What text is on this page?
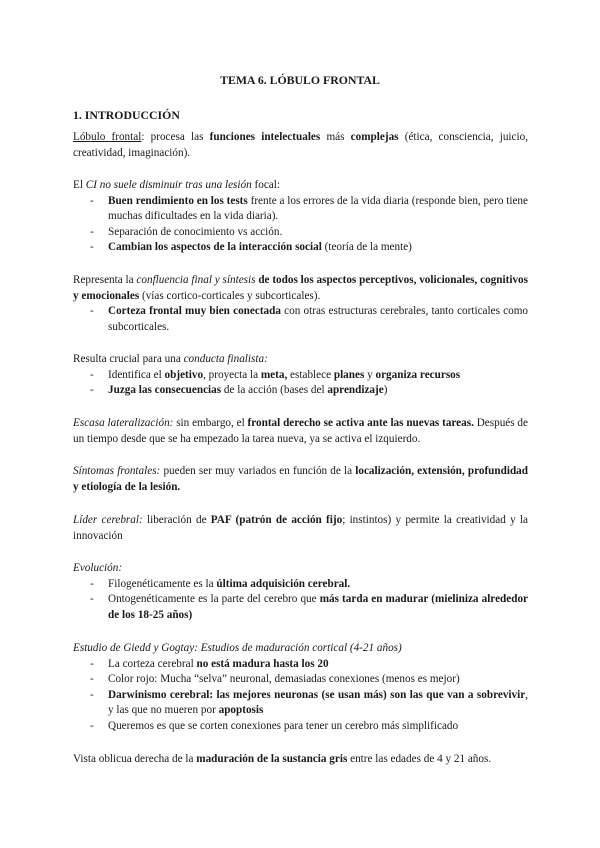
TEMA 6. LÓBULO FRONTAL
1. INTRODUCCIÓN

Lóbulo frontal: procesa las funciones intelectuales más complejas (ética, consciencia, juicio, creatividad, imaginación).

El CI no suele disminuir tras una lesión focal:

- Buen rendimiento en los tests frente a los errores de la vida diaria (responde bien, pero tiene muchas dificultades en la vida diaria).
- Separación de conocimiento vs acción.
- Cambian los aspectos de la interacción social (teoría de la mente)

Representa la confluencia final y síntesis de todos los aspectos perceptivos, volicionales, cognitivos y emocionales (vías cortico-corticales y subcorticales).

- Corteza frontal muy bien conectada con otras estructuras cerebrales, tanto corticales como subcorticales.

Resulta crucial para una conducta finalista:

- Identifica el objetivo, proyecta la meta, establece planes y organiza recursos
- Juzga las consecuencias de la acción (bases del aprendizaje)

Escasa lateralización: sin embargo, el frontal derecho se activa ante las nuevas tareas. Después de un tiempo desde que se ha empezado la tarea nueva, ya se activa el izquierdo.

Síntomas frontales: pueden ser muy variados en función de la localización, extensión, profundidad y etiología de la lesión.

Líder cerebral: liberación de PAF (patrón de acción fijo; instintos) y permite la creatividad y la innovación

Evolución:

- Filogenéticamente es la última adquisición cerebral.
- Ontogenéticamente es la parte del cerebro que más tarda en madurar (mieliniza alrededor de los 18-25 años)

Estudio de Giedd y Gogtay: Estudios de maduración cortical (4-21 años)

- La corteza cerebral no está madura hasta los 20
- Color rojo: Mucha “selva” neuronal, demasiadas conexiones (menos es mejor)
- Darwinismo cerebral: las mejores neuronas (se usan más) son las que van a sobrevivir, y las que no mueren por apoptosis
- Queremos es que se corten conexiones para tener un cerebro más simplificado

Vista oblicua derecha de la maduración de la sustancia gris entre las edades de 4 y 21 años.
